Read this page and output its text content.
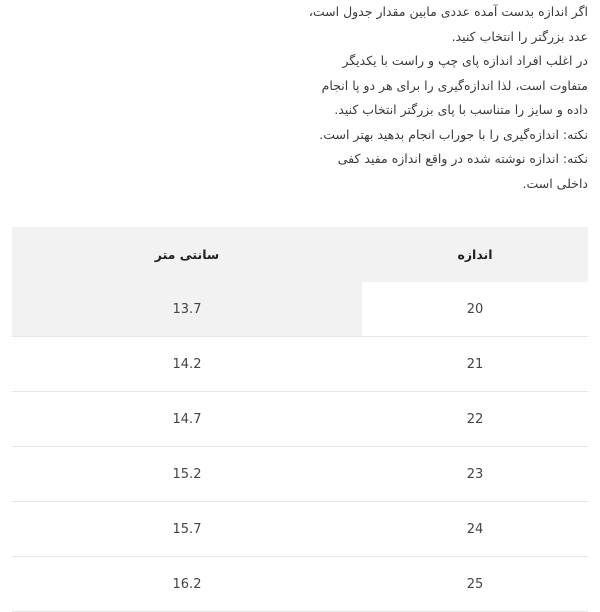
اگر اندازه بدست آمده عددی مابین مقدار جدول است،

عدد بزرگتر را انتخاب کنید.

در اغلب افراد اندازه پای چپ و راست با یکدیگر

متفاوت است، لذا اندازه‌گیری را برای هر دو پا انجام

داده و سایز را متناسب با پای بزرگتر انتخاب کنید.

نکته: اندازه‌گیری را با جوراب انجام بدهید بهتر است.

نکته: اندازه نوشته شده در واقع اندازه مفید کفی

داخلی است.

اندازه	سانتی متر
20	13.7
21	14.2
22	14.7
23	15.2
24	15.7
25	16.2
